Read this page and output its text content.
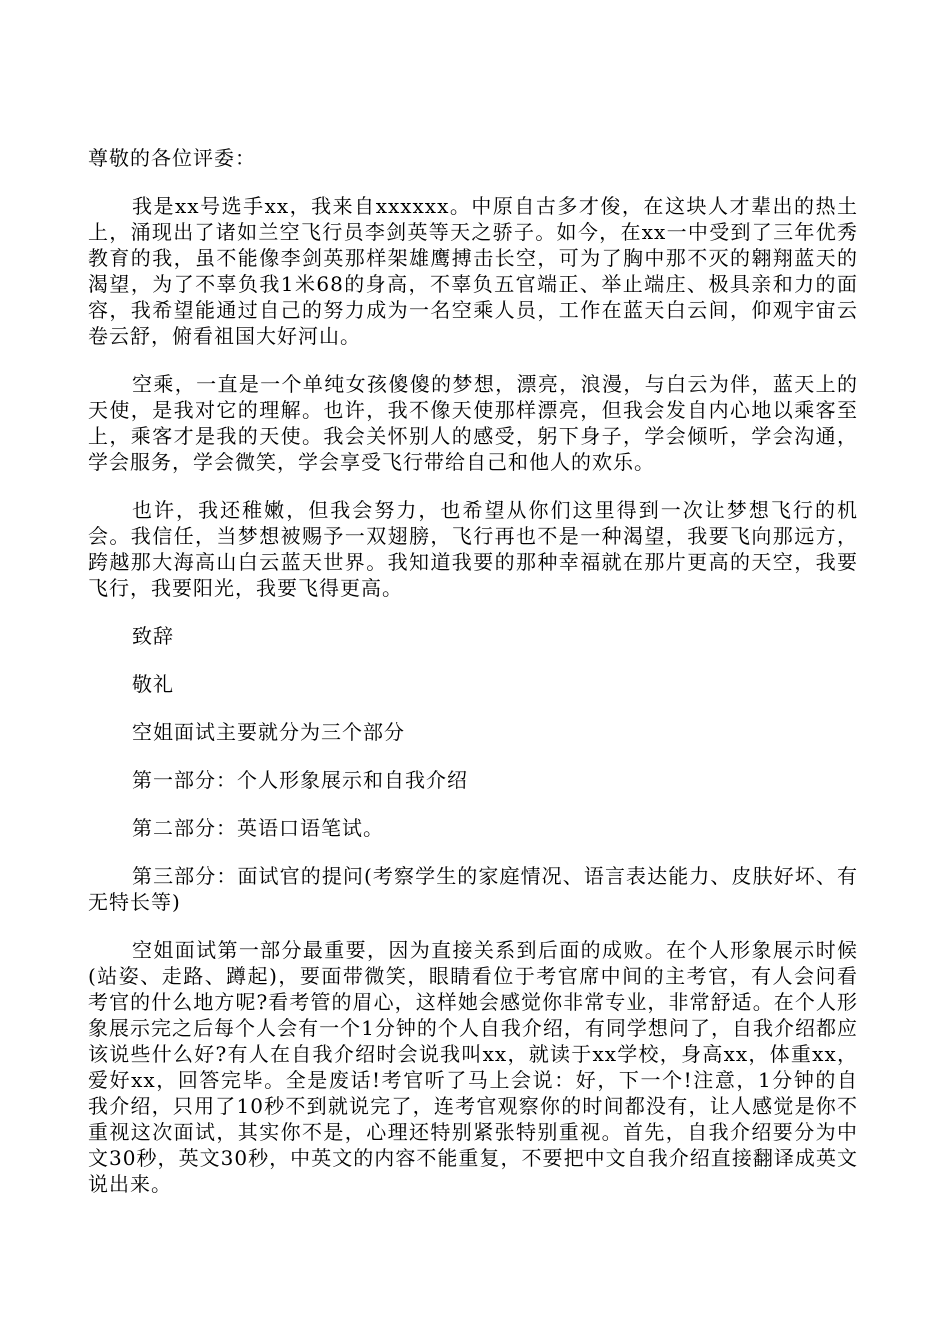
尊敬的各位评委：

我是xx号选手xx，我来自xxxxxx。中原自古多才俊，在这块人才辈出的热土上，涌现出了诸如兰空飞行员李剑英等天之骄子。如今，在xx一中受到了三年优秀教育的我，虽不能像李剑英那样架雄鹰搏击长空，可为了胸中那不灭的翱翔蓝天的渴望，为了不辜负我1米68的身高，不辜负五官端正、举止端庄、极具亲和力的面容，我希望能通过自己的努力成为一名空乘人员，工作在蓝天白云间，仰观宇宙云卷云舒，俯看祖国大好河山。

空乘，一直是一个单纯女孩傻傻的梦想，漂亮，浪漫，与白云为伴，蓝天上的天使，是我对它的理解。也许，我不像天使那样漂亮，但我会发自内心地以乘客至上，乘客才是我的天使。我会关怀别人的感受，躬下身子，学会倾听，学会沟通，学会服务，学会微笑，学会享受飞行带给自己和他人的欢乐。

也许，我还稚嫩，但我会努力，也希望从你们这里得到一次让梦想飞行的机会。我信任，当梦想被赐予一双翅膀，飞行再也不是一种渴望，我要飞向那远方，跨越那大海高山白云蓝天世界。我知道我要的那种幸福就在那片更高的天空，我要飞行，我要阳光，我要飞得更高。

致辞

敬礼

空姐面试主要就分为三个部分

第一部分：个人形象展示和自我介绍

第二部分：英语口语笔试。

第三部分：面试官的提问(考察学生的家庭情况、语言表达能力、皮肤好坏、有无特长等)

空姐面试第一部分最重要，因为直接关系到后面的成败。在个人形象展示时候(站姿、走路、蹲起)，要面带微笑，眼睛看位于考官席中间的主考官，有人会问看考官的什么地方呢?看考管的眉心，这样她会感觉你非常专业，非常舒适。在个人形象展示完之后每个人会有一个1分钟的个人自我介绍，有同学想问了，自我介绍都应该说些什么好?有人在自我介绍时会说我叫xx，就读于xx学校，身高xx，体重xx，爱好xx，回答完毕。全是废话!考官听了马上会说：好，下一个!注意，1分钟的自我介绍，只用了10秒不到就说完了，连考官观察你的时间都没有，让人感觉是你不重视这次面试，其实你不是，心理还特别紧张特别重视。首先，自我介绍要分为中文30秒，英文30秒，中英文的内容不能重复，不要把中文自我介绍直接翻译成英文说出来。
